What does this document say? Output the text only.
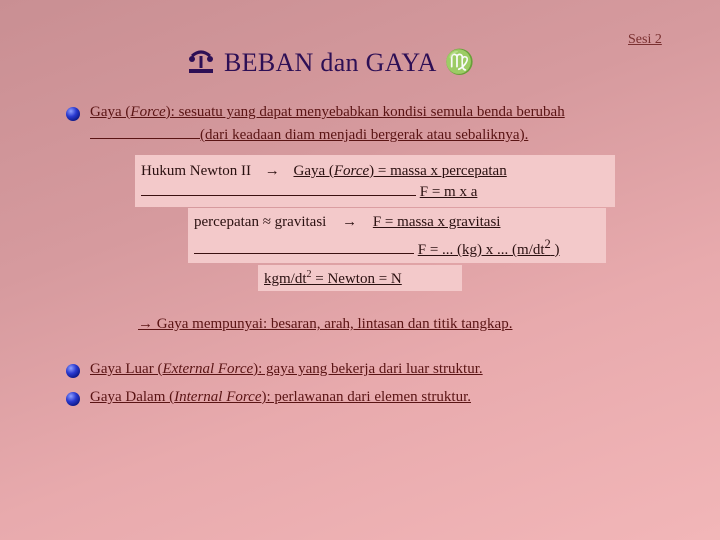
Sesi 2
BEBAN dan GAYA ♍
Gaya (Force): sesuatu yang dapat menyebabkan kondisi semula benda berubah
(dari keadaan diam menjadi bergerak atau sebaliknya).
Hukum Newton II → Gaya (Force) = massa x percepatan
F = m x a
percepatan ≈ gravitasi → F = massa x gravitasi
F = ... (kg) x ... ($m/dt^2$ )
kgm/$dt^2$ = Newton = N
→ Gaya mempunyai: besaran, arah, lintasan dan titik tangkap.
Gaya Luar (External Force): gaya yang bekerja dari luar struktur.
Gaya Dalam (Internal Force): perlawanan dari elemen struktur.
